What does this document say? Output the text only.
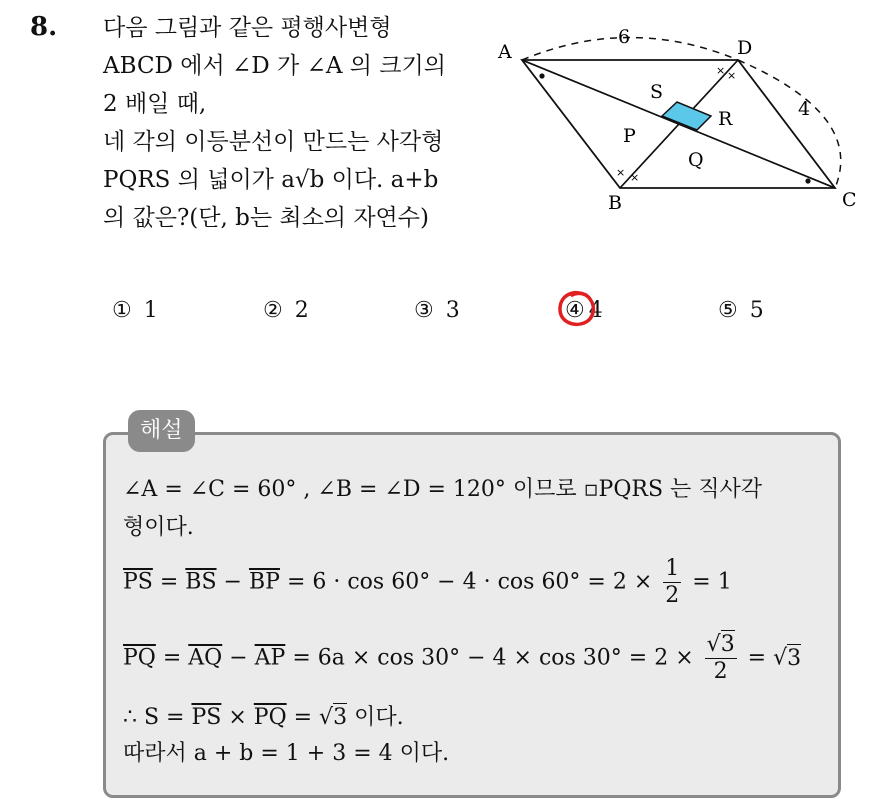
8. 다음 그림과 같은 평행사변형
ABCD 에서 ∠D 가 ∠A 의 크기의
2 배일 때,
네 각의 이등분선이 만드는 사각형
PQRS 의 넓이가 a√b 이다. a+b
의 값은?(단, b는 최소의 자연수)
× ×
× ×
A
B	C
D
P
Q
R
S
6
4
① 1	② 2	③ 3	④ 4	⑤ 5
해설
∠A = ∠C = 60° , ∠B = ∠D = 120° 이므로 ▫PQRS 는 직사각
형이다.
$\overline{PS} = \overline{BS} - \overline{BP} = 6 \cdot \cos 60^\circ - 4 \cdot \cos 60^\circ = 2 \times \frac{1}{2} = 1$
$\overline{PQ} = \overline{AQ} - \overline{AP} = 6a \times \cos 30^\circ - 4 \times \cos 30^\circ = 2 \times \frac{√3}{2} = √3$
∴ $S = \overline{PS} \times \overline{PQ} = √3$ 이다.
따라서 a + b = 1 + 3 = 4 이다.
